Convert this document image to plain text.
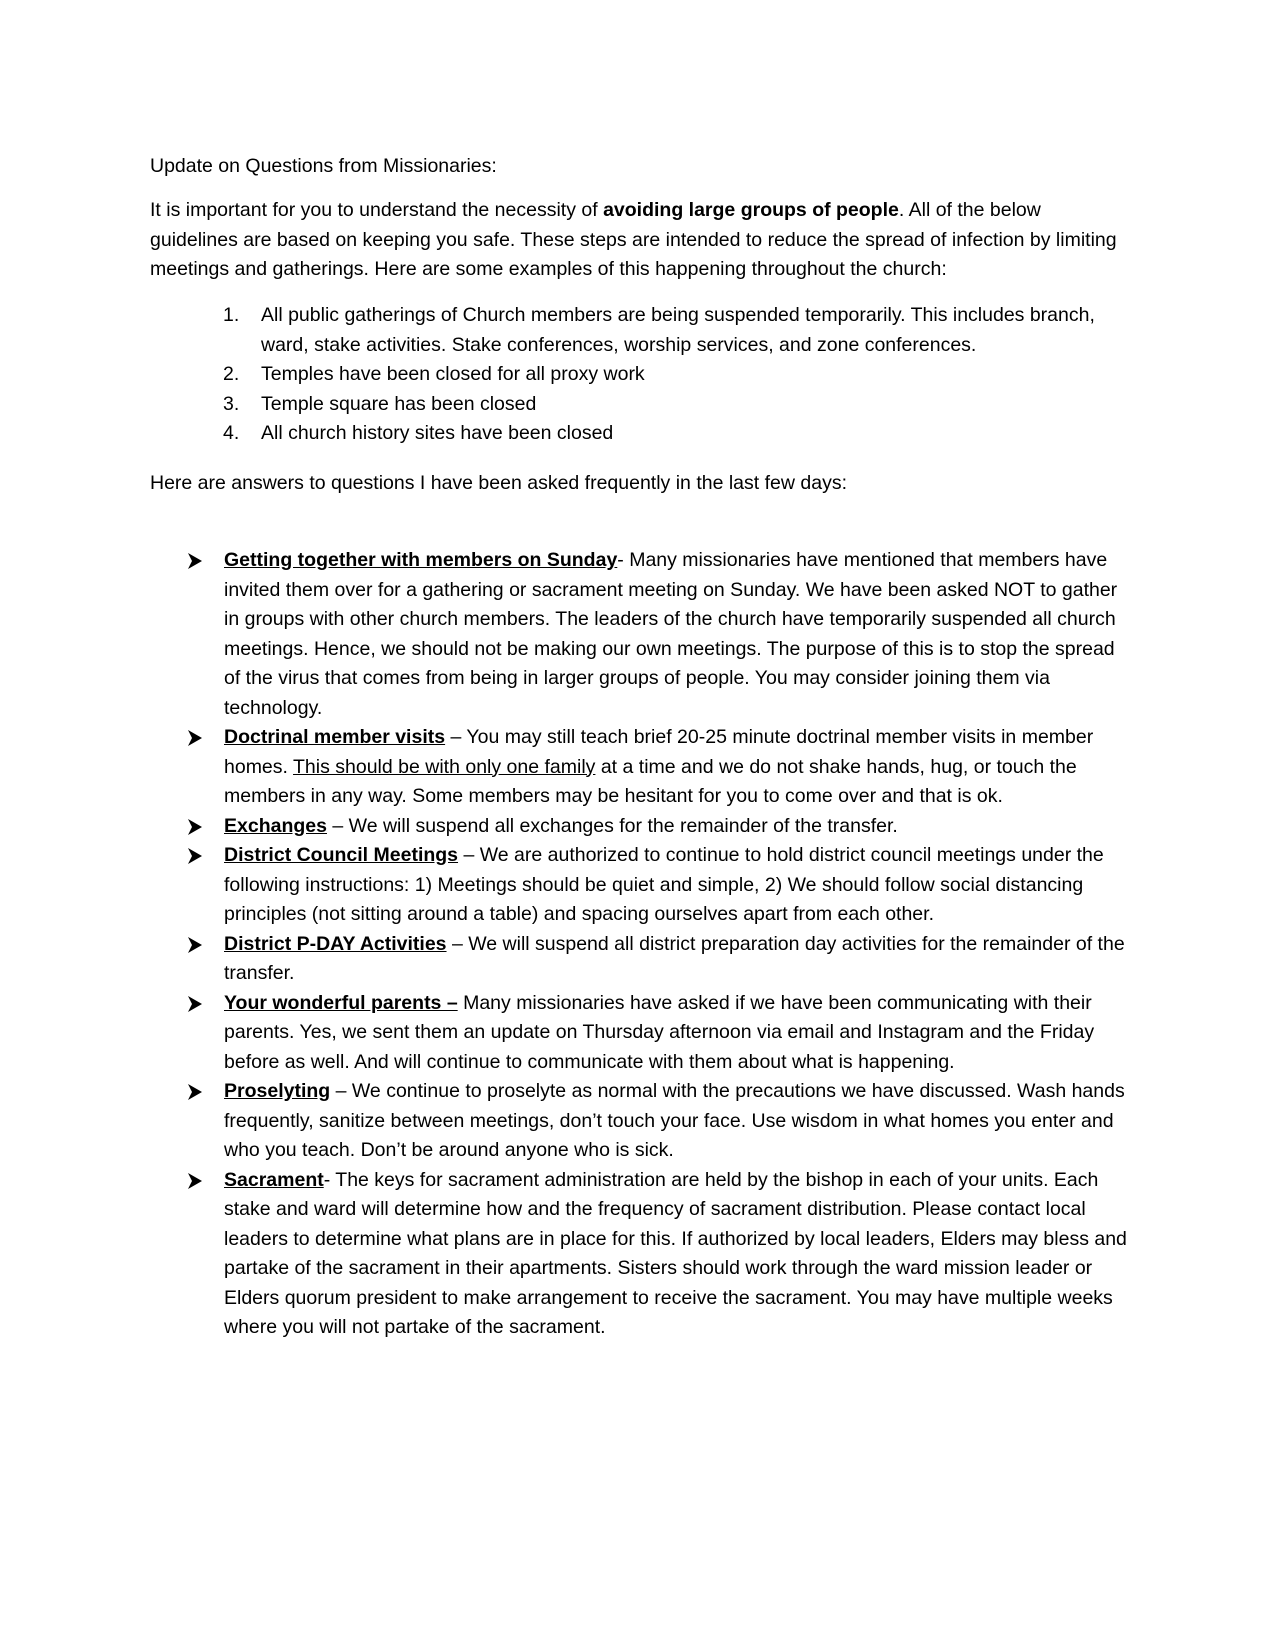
Update on Questions from Missionaries:

It is important for you to understand the necessity of avoiding large groups of people. All of the below guidelines are based on keeping you safe. These steps are intended to reduce the spread of infection by limiting meetings and gatherings. Here are some examples of this happening throughout the church:

1. All public gatherings of Church members are being suspended temporarily. This includes branch, ward, stake activities. Stake conferences, worship services, and zone conferences.
2. Temples have been closed for all proxy work
3. Temple square has been closed
4. All church history sites have been closed

Here are answers to questions I have been asked frequently in the last few days:

Getting together with members on Sunday- Many missionaries have mentioned that members have invited them over for a gathering or sacrament meeting on Sunday. We have been asked NOT to gather in groups with other church members. The leaders of the church have temporarily suspended all church meetings. Hence, we should not be making our own meetings. The purpose of this is to stop the spread of the virus that comes from being in larger groups of people. You may consider joining them via technology.
Doctrinal member visits – You may still teach brief 20-25 minute doctrinal member visits in member homes. This should be with only one family at a time and we do not shake hands, hug, or touch the members in any way. Some members may be hesitant for you to come over and that is ok.
Exchanges – We will suspend all exchanges for the remainder of the transfer.
District Council Meetings – We are authorized to continue to hold district council meetings under the following instructions: 1) Meetings should be quiet and simple, 2) We should follow social distancing principles (not sitting around a table) and spacing ourselves apart from each other.
District P-DAY Activities – We will suspend all district preparation day activities for the remainder of the transfer.
Your wonderful parents – Many missionaries have asked if we have been communicating with their parents. Yes, we sent them an update on Thursday afternoon via email and Instagram and the Friday before as well. And will continue to communicate with them about what is happening.
Proselyting – We continue to proselyte as normal with the precautions we have discussed. Wash hands frequently, sanitize between meetings, don’t touch your face. Use wisdom in what homes you enter and who you teach. Don’t be around anyone who is sick.
Sacrament- The keys for sacrament administration are held by the bishop in each of your units. Each stake and ward will determine how and the frequency of sacrament distribution. Please contact local leaders to determine what plans are in place for this. If authorized by local leaders, Elders may bless and partake of the sacrament in their apartments. Sisters should work through the ward mission leader or Elders quorum president to make arrangement to receive the sacrament. You may have multiple weeks where you will not partake of the sacrament.
